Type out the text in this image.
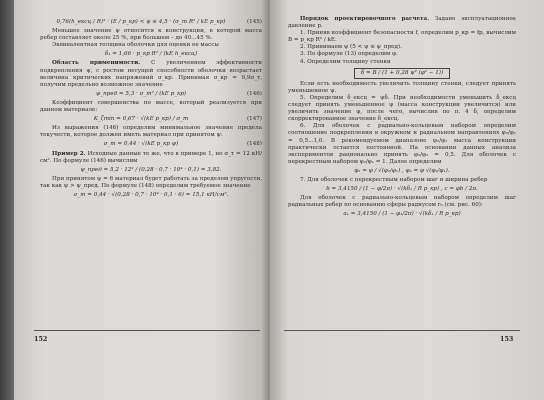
0,76(h_ексц / R)² · (E / p_кр) < ψ ≤ 4,5 · (σ_т R² / kE p_кр)	(145)

Меньшее значение ψ относится к конструкции, в которой масса ребер составляет около 25 %, при большем – до 40...45 %.

Эквивалентная толщина оболочки для оценки ее массы

δ₁ = 1,66 · p_кр R² / (kE h_ексц)

Область применимости. С увеличением эффективности подкрепления ψ, с ростом несущей способности оболочки возрастает величина критических напряжений σ_кр. Принимая σ_кр = 0,9σ_т, получим предельно возможное значение

ψ_пред = 5,3 · σ_т² / (kE p_кр)	(146)

Коэффициент совершенства по массе, который реализуется при данном материале:

K_ζmin = 0,67 · √(kE p_кр) / σ_т	(147)

Из выражения (146) определим минимальное значение предела текучести, которое должен иметь материал при принятом ψ:

σ_т = 0,44 · √(kE p_кр ψ)	(148)

Пример 2. Исходные данные те же, что в примере 1, но σ_т = 12 кН/см². По формуле (146) вычислим

ψ_пред = 5,2 · 12² / (0,28 · 0,7 · 10⁴ · 0,1) = 3,82.

При принятом ψ = 6 материал будет работать за пределом упругости, так как ψ > ψ_пред. По формуле (148) определим требуемое значение

σ_т = 0,44 · √(0,28 · 0,7 · 10⁴ · 0,1 · 6) = 15,1 кН/см².
152

Порядок проектировочного расчета. Задано эксплуатационное давление p.

1. Приняв коэффициент безопасности f, определим p_кр = fp, вычислим B = p_кр R² / kE.

2. Принимаем ψ (5 < ψ ≤ ψ_пред).

3. По формуле (13) определим φ.

4. Определим толщину стенки

δ = B / (1 + 0,28 ψ² (φ² − 1))

Если есть необходимость увеличить толщину стенки, следует принять уменьшенное ψ.

5. Определим δ_ексц = ψδ. При необходимости уменьшить δ_ексц следует принять уменьшенное ψ (масса конструкции увеличится) или увеличить значение φ, после чего, вычислив по п. 4 δ, определим скорректированное значение δ_ексц.

6. Для оболочек с радиально-кольцевым набором определим соотношение подкрепления в окружном и радиальном направлениях φ₂/φ₁ = 0,5...1,0. В рекомендуемом диапазоне φ₂/φ₁ масса конструкции практически остается постоянной. На основании данных анализа экспериментов рационально принять φ₂/φ₁ = 0,5. Для оболочек с перекрестным набором φ₂/φ₁ = 1. Далее определим

φ₁ = φ / √(φ₂/φ₁) , φ₂ = φ √(φ₂/φ₁).

7. Для оболочек с перекрестным набором шаг и ширина ребер

b = 3,4150 / (1 − φ/2π) · √(kδ₁ / R p_кр) , c = φb / 2π.

Для оболочек с радиально-кольцевым набором определим шаг радиальных ребер по основанию сферы радиусом r₀ (см. рис. 60):

a₁ = 3,4150 / (1 − φ₁/2π) · √(kδ₁ / R p_кр)
153
